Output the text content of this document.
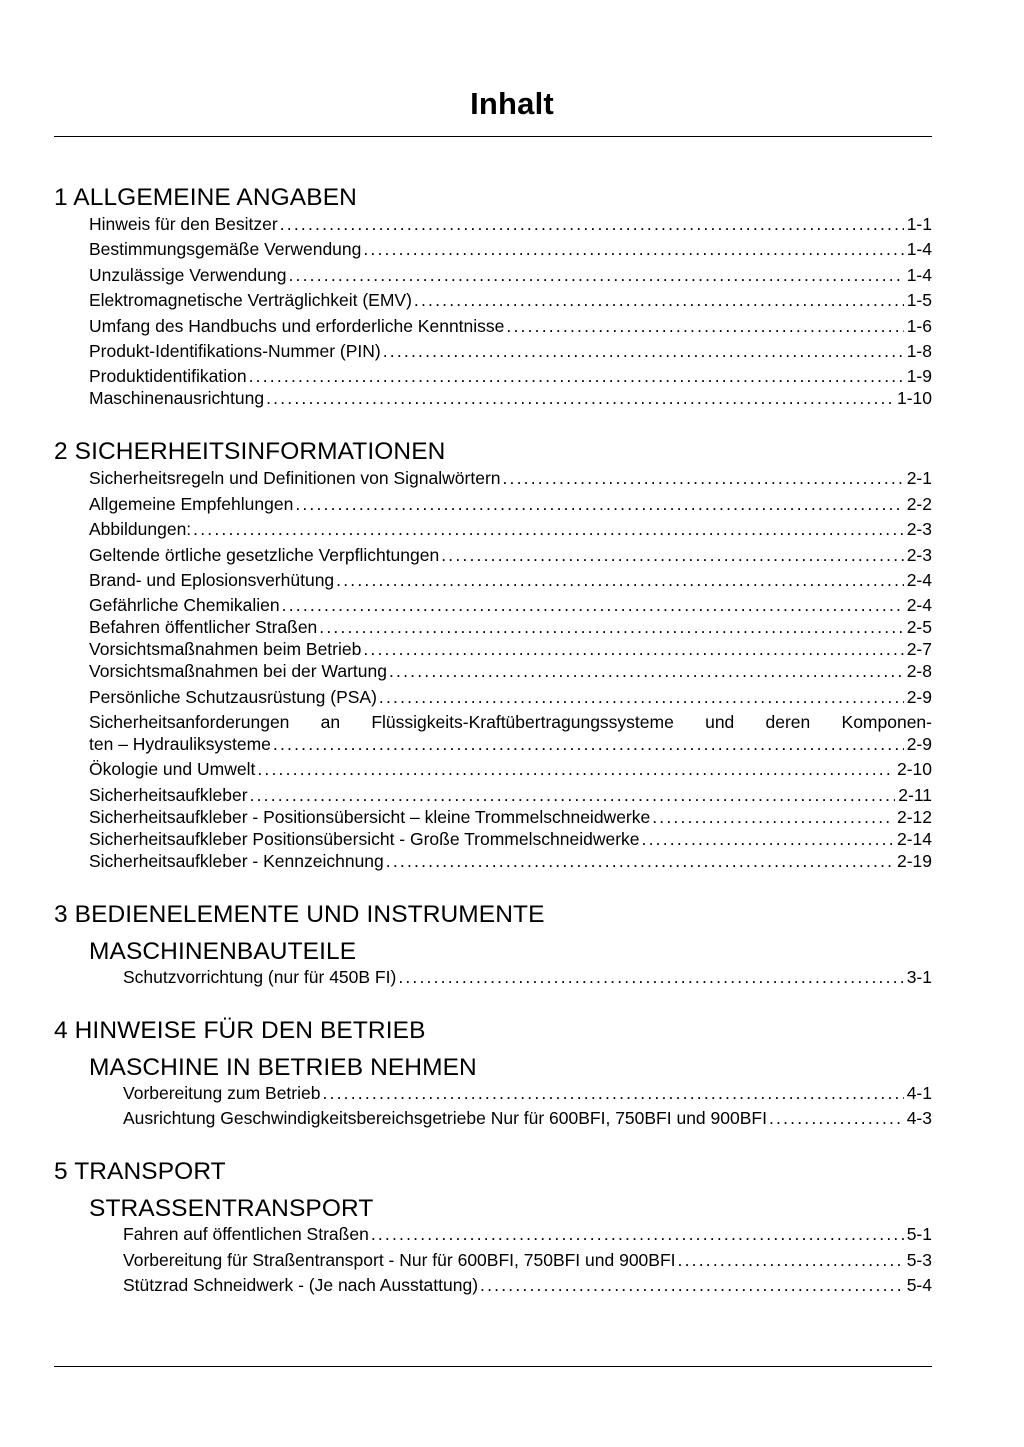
Inhalt
1 ALLGEMEINE ANGABEN
Hinweis für den Besitzer .....	1-1
Bestimmungsgemäße Verwendung .....	1-4
Unzulässige Verwendung .....	1-4
Elektromagnetische Verträglichkeit (EMV) .....	1-5
Umfang des Handbuchs und erforderliche Kenntnisse .....	1-6
Produkt-Identifikations-Nummer (PIN) .....	1-8
Produktidentifikation .....	1-9
Maschinenausrichtung .....	1-10
2 SICHERHEITSINFORMATIONEN
Sicherheitsregeln und Definitionen von Signalwörtern .....	2-1
Allgemeine Empfehlungen .....	2-2
Abbildungen: .....	2-3
Geltende örtliche gesetzliche Verpflichtungen .....	2-3
Brand- und Eplosionsverhütung .....	2-4
Gefährliche Chemikalien .....	2-4
Befahren öffentlicher Straßen .....	2-5
Vorsichtsmaßnahmen beim Betrieb .....	2-7
Vorsichtsmaßnahmen bei der Wartung .....	2-8
Persönliche Schutzausrüstung (PSA) .....	2-9
Sicherheitsanforderungen an Flüssigkeits-Kraftübertragungssysteme und deren Komponen-
ten – Hydrauliksysteme .....	2-9
Ökologie und Umwelt .....	2-10
Sicherheitsaufkleber .....	2-11
Sicherheitsaufkleber - Positionsübersicht – kleine Trommelschneidwerke .....	2-12
Sicherheitsaufkleber Positionsübersicht - Große Trommelschneidwerke .....	2-14
Sicherheitsaufkleber - Kennzeichnung .....	2-19
3 BEDIENELEMENTE UND INSTRUMENTE
MASCHINENBAUTEILE
Schutzvorrichtung (nur für 450B FI) .....	3-1
4 HINWEISE FÜR DEN BETRIEB
MASCHINE IN BETRIEB NEHMEN
Vorbereitung zum Betrieb .....	4-1
Ausrichtung Geschwindigkeitsbereichsgetriebe Nur für 600BFI, 750BFI und 900BFI .....	4-3
5 TRANSPORT
STRASSENTRANSPORT
Fahren auf öffentlichen Straßen .....	5-1
Vorbereitung für Straßentransport - Nur für 600BFI, 750BFI und 900BFI .....	5-3
Stützrad Schneidwerk - (Je nach Ausstattung) .....	5-4
